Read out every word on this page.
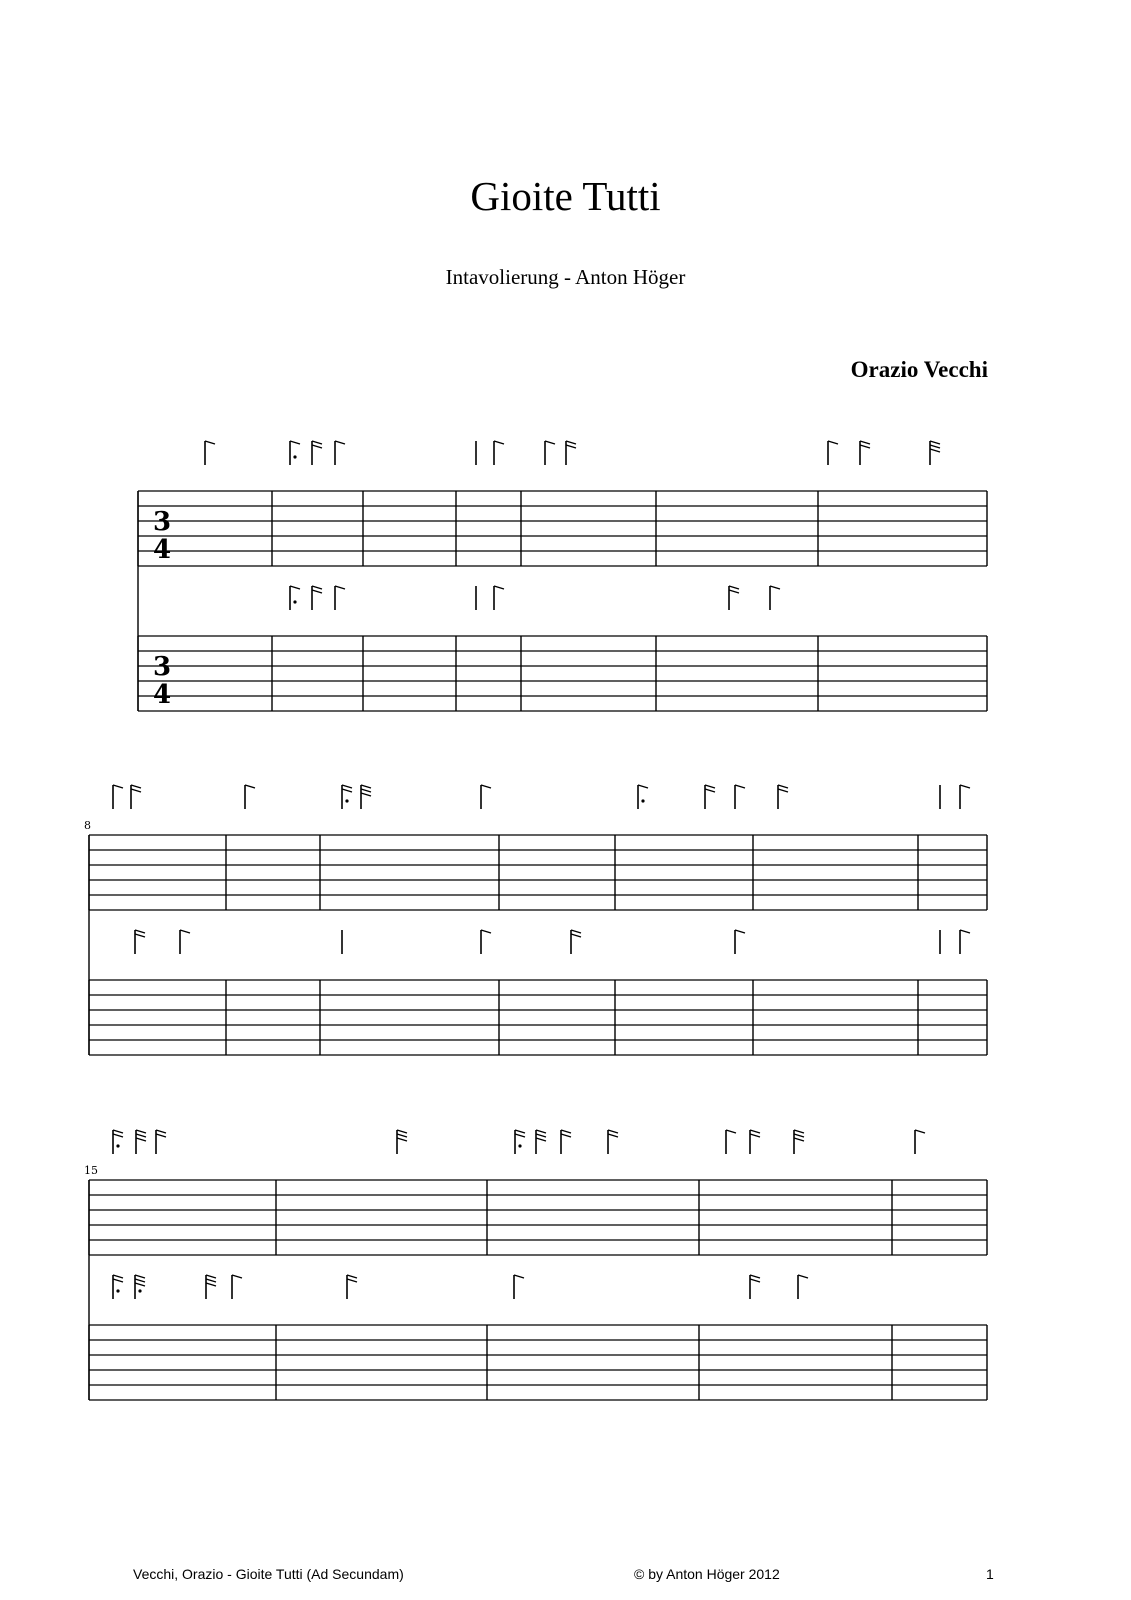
Gioite Tutti
Intavolierung - Anton Höger
Orazio Vecchi
3
4
3
4
8
15
Vecchi, Orazio - Gioite Tutti (Ad Secundam)	© by Anton Höger 2012	1
